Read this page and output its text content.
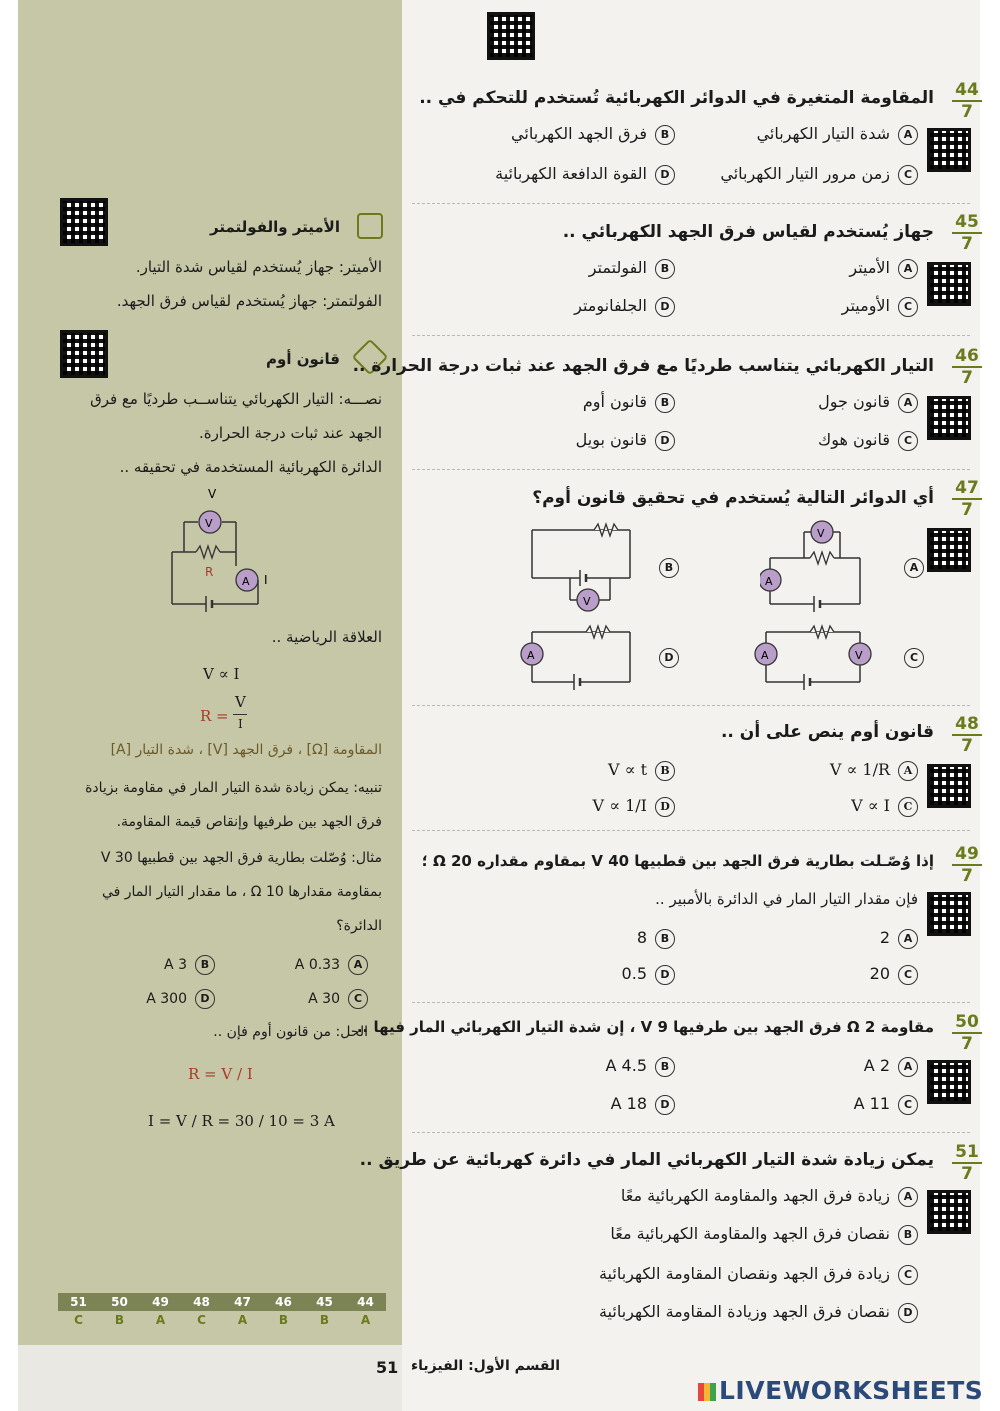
الأميتر والفولتمتر
الأميتر: جهاز يُستخدم لقياس شدة التيار.
الفولتمتر: جهاز يُستخدم لقياس فرق الجهد.
قانون أوم
نصـــه: التيار الكهربائي يتناســب طرديًا مع فرق
الجهد عند ثبات درجة الحرارة.
الدائرة الكهربائية المستخدمة في تحقيقه ..
V
V
R
A I
العلاقة الرياضية ..
V ∝ I
R =
V
I
المقاومة [Ω] ، فرق الجهد [V] ، شدة التيار [A]
تنبيه: يمكن زيادة شدة التيار المار في مقاومة بزيادة
فرق الجهد بين طرفيها وإنقاص قيمة المقاومة.
مثال: وُصّلت بطارية فرق الجهد بين قطبيها 30 V
بمقاومة مقدارها 10 Ω ، ما مقدار التيار المار في
الدائرة؟
A0.33 A
B3 A
C30 A
D300 A
الحل: من قانون أوم فإن ..
R = V / I
I = V / R = 30 / 10 = 3 A
51	50	49	48	47	46	45	44
C	B	A	C	A	B	B	A
44
7
المقاومة المتغيرة في الدوائر الكهربائية تُستخدم للتحكم في ..
Aشدة التيار الكهربائي
Bفرق الجهد الكهربائي
Cزمن مرور التيار الكهربائي
Dالقوة الدافعة الكهربائية
45
7
جهاز يُستخدم لقياس فرق الجهد الكهربائي ..
Aالأميتر
Bالفولتمتر
Cالأوميتر
Dالجلفانومتر
46
7
التيار الكهربائي يتناسب طرديًا مع فرق الجهد عند ثبات درجة الحرارة ..
Aقانون جول
Bقانون أوم
Cقانون هوك
Dقانون بويل
47
7
أي الدوائر التالية يُستخدم في تحقيق قانون أوم؟
A
B
C
D
V
A
V
A	V
A
48
7
قانون أوم ينص على أن ..
AV ∝ 1/R
BV ∝ t
CV ∝ I
DV ∝ 1/I
49
7
إذا وُصّـلت بطارية فرق الجهد بين قطبيها 40 V بمقاوم مقداره 20 Ω ؛
فإن مقدار التيار المار في الدائرة بالأمبير ..
A2
B8
C20
D0.5
50
7
مقاومة 2 Ω فرق الجهد بين طرفيها 9 V ، إن شدة التيار الكهربائي المار فيها ..
A2 A
B4.5 A
C11 A
D18 A
51
7
يمكن زيادة شدة التيار الكهربائي المار في دائرة كهربائية عن طريق ..
Aزيادة فرق الجهد والمقاومة الكهربائية معًا
Bنقصان فرق الجهد والمقاومة الكهربائية معًا
Cزيادة فرق الجهد ونقصان المقاومة الكهربائية
Dنقصان فرق الجهد وزيادة المقاومة الكهربائية
51 القسم الأول: الفيزياء
LIVEWORKSHEETS
